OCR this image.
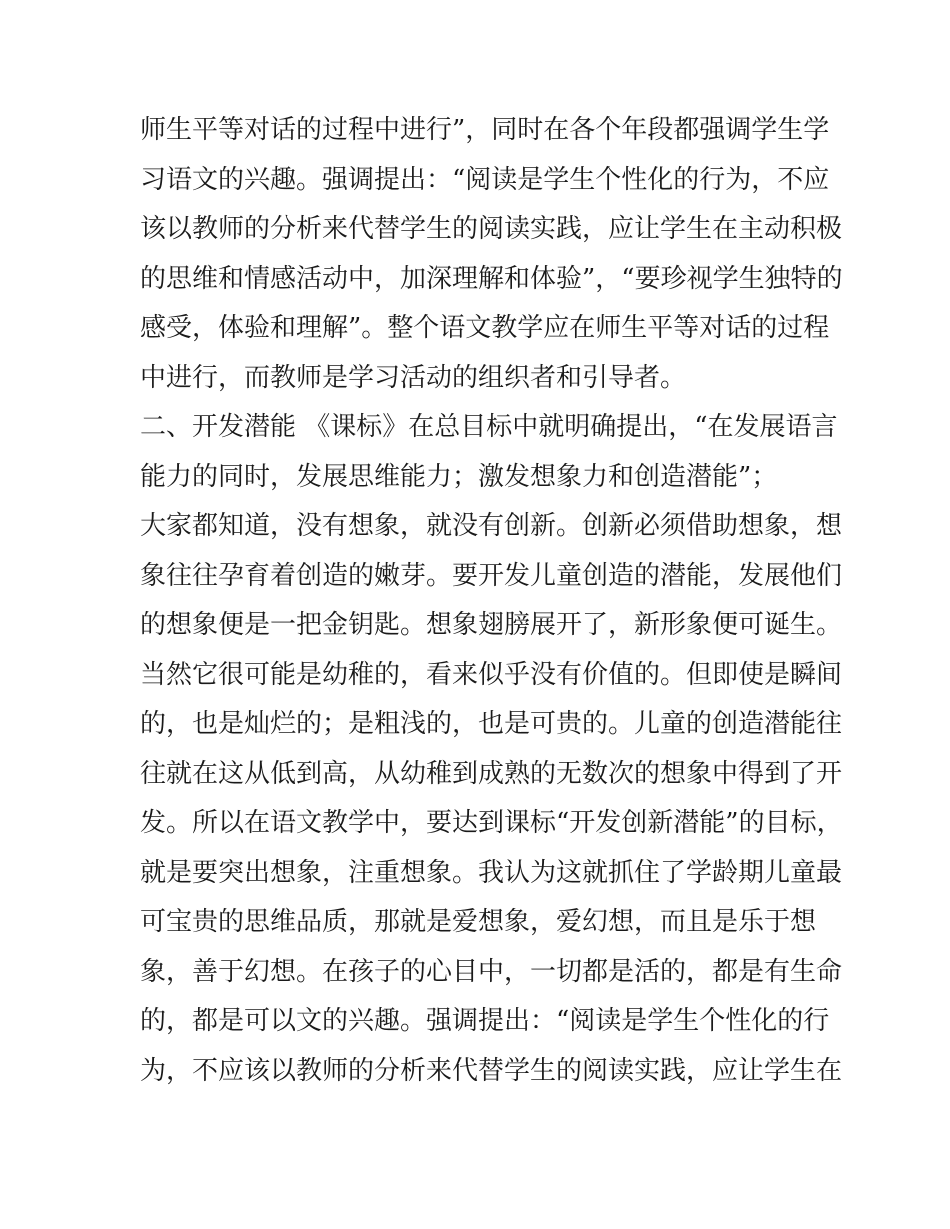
师生平等对话的过程中进行”，同时在各个年段都强调学生学
习语文的兴趣。强调提出：“阅读是学生个性化的行为，不应
该以教师的分析来代替学生的阅读实践，应让学生在主动积极
的思维和情感活动中，加深理解和体验”，“要珍视学生独特的
感受，体验和理解”。整个语文教学应在师生平等对话的过程
中进行，而教师是学习活动的组织者和引导者。
二、开发潜能 《课标》在总目标中就明确提出，“在发展语言
能力的同时，发展思维能力；激发想象力和创造潜能”；
大家都知道，没有想象，就没有创新。创新必须借助想象，想
象往往孕育着创造的嫩芽。要开发儿童创造的潜能，发展他们
的想象便是一把金钥匙。想象翅膀展开了，新形象便可诞生。
当然它很可能是幼稚的，看来似乎没有价值的。但即使是瞬间
的，也是灿烂的；是粗浅的，也是可贵的。儿童的创造潜能往
往就在这从低到高，从幼稚到成熟的无数次的想象中得到了开
发。所以在语文教学中，要达到课标“开发创新潜能”的目标，
就是要突出想象，注重想象。我认为这就抓住了学龄期儿童最
可宝贵的思维品质，那就是爱想象，爱幻想，而且是乐于想
象，善于幻想。在孩子的心目中，一切都是活的，都是有生命
的，都是可以文的兴趣。强调提出：“阅读是学生个性化的行
为，不应该以教师的分析来代替学生的阅读实践，应让学生在
